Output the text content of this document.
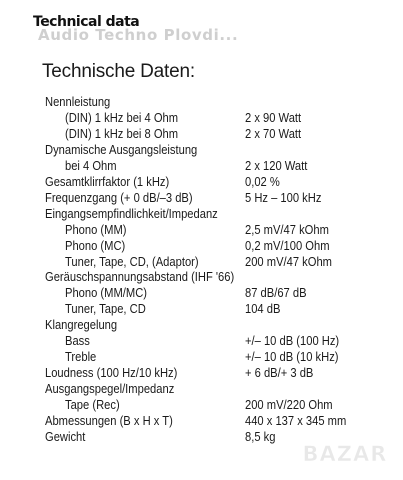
Technical data
Audio Techno Plovdi...
Technische Daten:
Nennleistung
(DIN) 1 kHz bei 4 Ohm	2 x 90 Watt
(DIN) 1 kHz bei 8 Ohm	2 x 70 Watt
Dynamische Ausgangsleistung
bei 4 Ohm	2 x 120 Watt
Gesamtklirrfaktor (1 kHz)	0,02 %
Frequenzgang (+ 0 dB/–3 dB)	5 Hz – 100 kHz
Eingangsempfindlichkeit/Impedanz
Phono (MM)	2,5 mV/47 kOhm
Phono (MC)	0,2 mV/100 Ohm
Tuner, Tape, CD, (Adaptor)	200 mV/47 kOhm
Geräuschspannungsabstand (IHF '66)
Phono (MM/MC)	87 dB/67 dB
Tuner, Tape, CD	104 dB
Klangregelung
Bass	+/– 10 dB (100 Hz)
Treble	+/– 10 dB (10 kHz)
Loudness (100 Hz/10 kHz)	+ 6 dB/+ 3 dB
Ausgangspegel/Impedanz
Tape (Rec)	200 mV/220 Ohm
Abmessungen (B x H x T)	440 x 137 x 345 mm
Gewicht	8,5 kg
BAZAR
